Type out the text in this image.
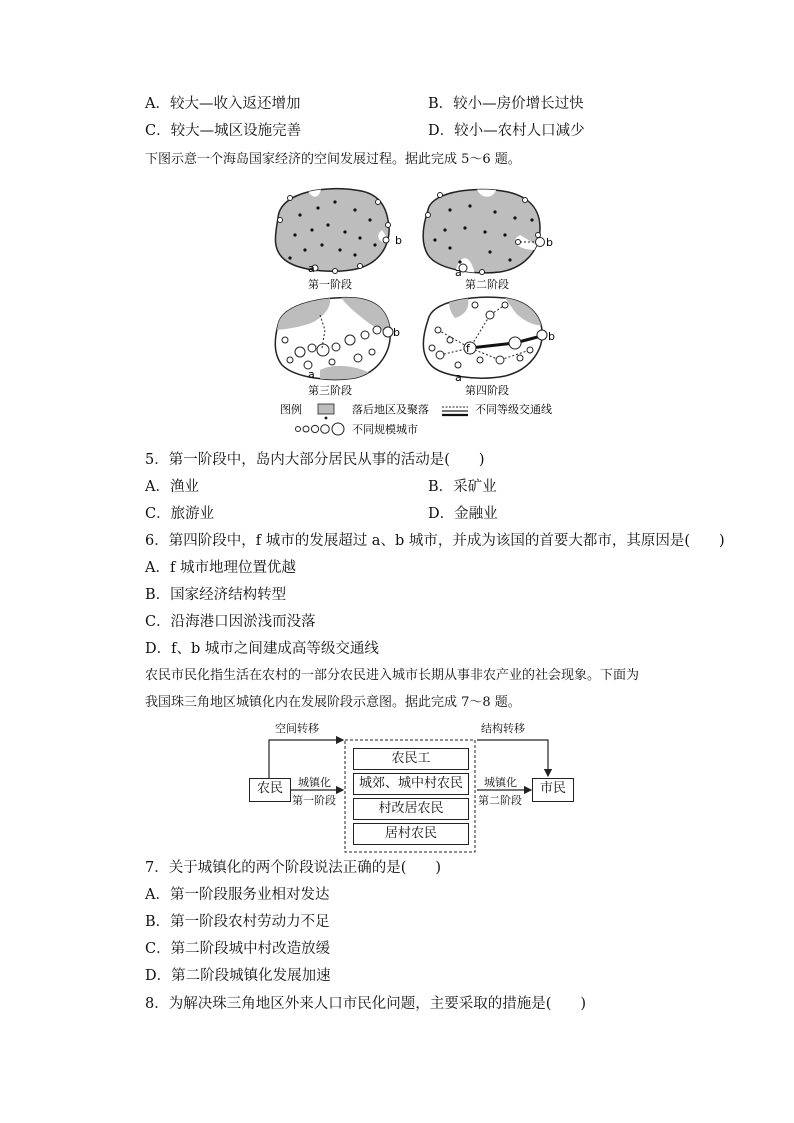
A．较大—收入返还增加	B．较小—房价增长过快
C．较大—城区设施完善	D．较小—农村人口减少
下图示意一个海岛国家经济的空间发展过程。据此完成 5～6 题。
a
b
第一阶段
a
b
第二阶段
a
b
第三阶段
f
a
b
第四阶段
图例	落后地区及聚落	不同等级交通线
不同规模城市
5．第一阶段中，岛内大部分居民从事的活动是(　　)
A．渔业	B．采矿业
C．旅游业	D．金融业
6．第四阶段中，f 城市的发展超过 a、b 城市，并成为该国的首要大都市，其原因是(　　)
A．f 城市地理位置优越
B．国家经济结构转型
C．沿海港口因淤浅而没落
D．f、b 城市之间建成高等级交通线
农民市民化指生活在农村的一部分农民进入城市长期从事非农产业的社会现象。下面为
我国珠三角地区城镇化内在发展阶段示意图。据此完成 7～8 题。
空间转移	结构转移
农民	市民
城镇化
第一阶段
城镇化
第二阶段
农民工
城郊、城中村农民
村改居农民
居村农民
7．关于城镇化的两个阶段说法正确的是(　　)
A．第一阶段服务业相对发达
B．第一阶段农村劳动力不足
C．第二阶段城中村改造放缓
D．第二阶段城镇化发展加速
8．为解决珠三角地区外来人口市民化问题，主要采取的措施是(　　)
